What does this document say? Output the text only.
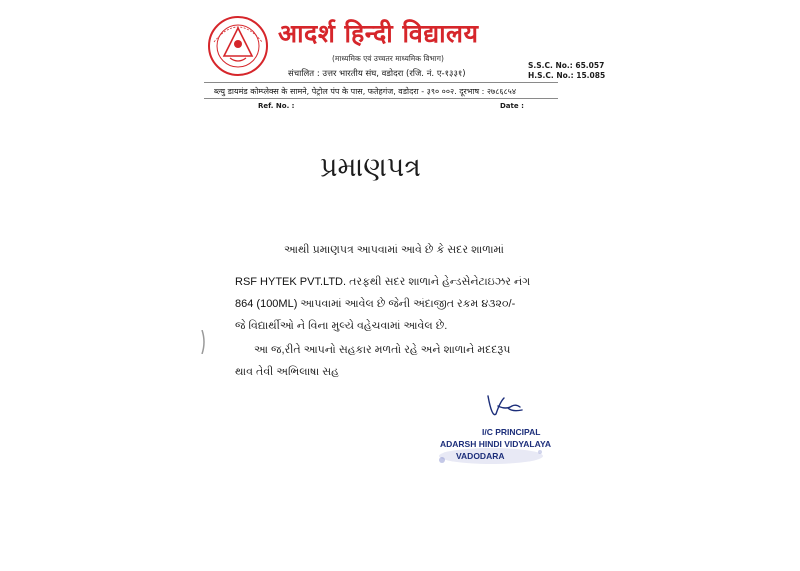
आदर्श हिन्दी विद्यालय
(माध्यमिक एवं उच्चतर माध्यमिक विभाग)
संचालित : उत्तर भारतीय संघ, वडोदरा (रजि. नं. ए-१३३१)
S.S.C. No.: 65.057
H.S.C. No.: 15.085
ब्ल्यु डायमंड कोम्प्लेक्स के सामने, पेट्रोल पंप के पास, फतेहगंज, वडोदरा - ३९० ००२. दूरभाष : २७८६८५४
Ref. No. :	Date :
પ્રમાણપત્ર
આથી પ્રમાણપત્ર આપવામાં આવે છે કે સદર શાળામાં
RSF HYTEK PVT.LTD. તરફથી સદર શાળાને હેન્ડસેનેટાઇઝર નંગ
864 (100ML) આપવામાં આવેલ છે જેની અંદાજીત રકમ ૪૩૨૦/-
જે વિદ્યાર્થીઓ ને વિના મુલ્યે વહેચવામાં આવેલ છે.
આ જ,રીતે આપનો સહકાર મળતો રહે અને શાળાને મદદરૂપ
થાવ તેવી અભિલાષા સહ
I/C PRINCIPAL
ADARSH HINDI VIDYALAYA
VADODARA
